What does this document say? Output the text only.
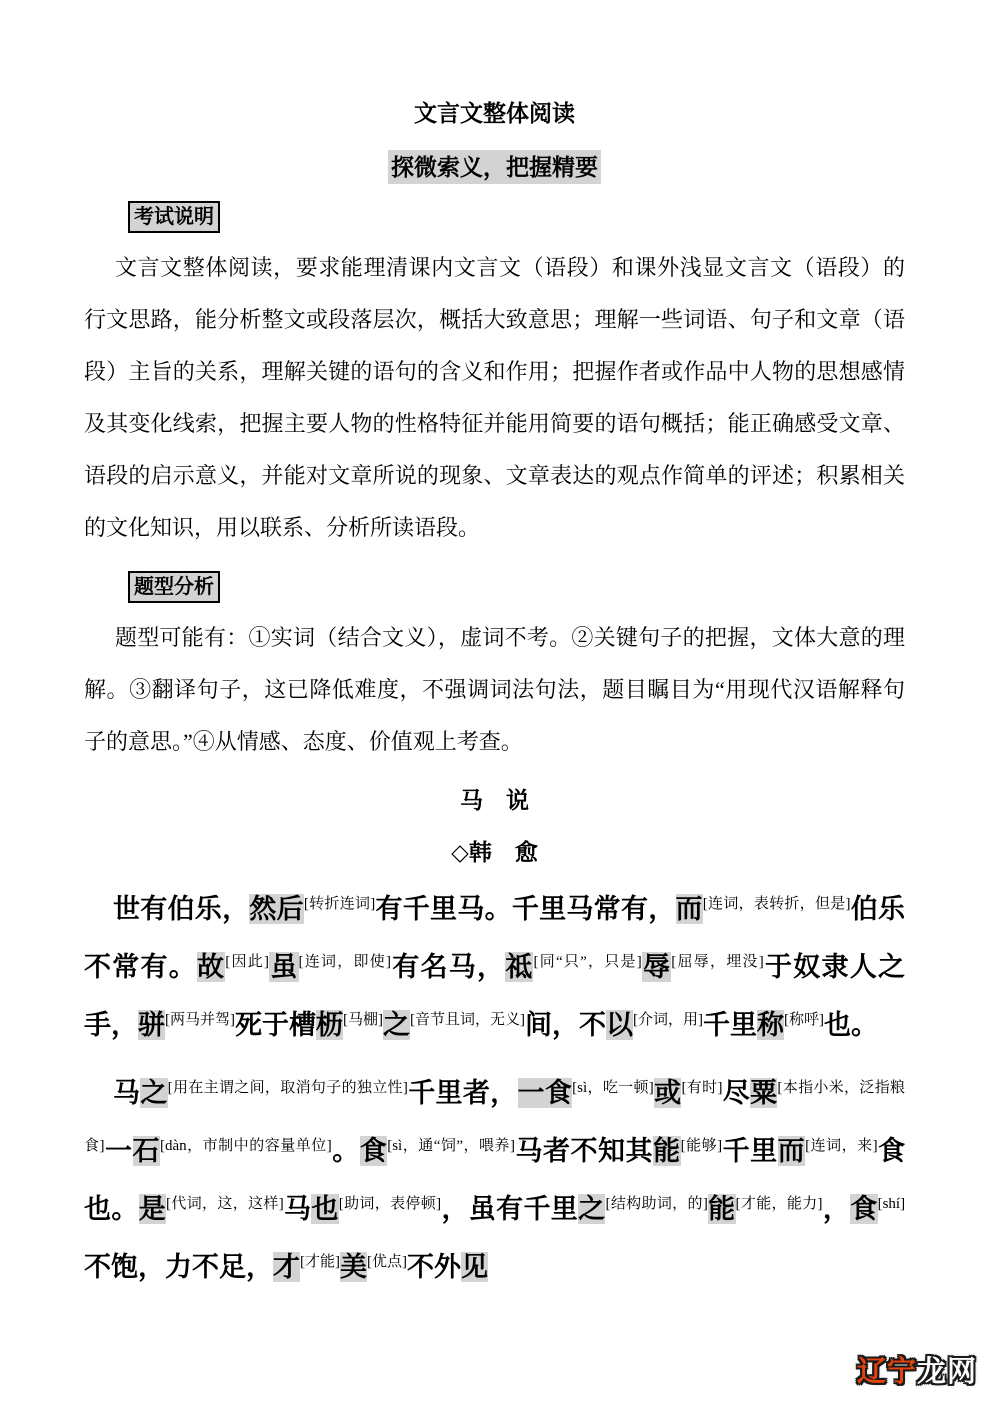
文言文整体阅读
探微索义，把握精要
考试说明

文言文整体阅读，要求能理清课内文言文（语段）和课外浅显文言文（语段）的行文思路，能分析整文或段落层次，概括大致意思；理解一些词语、句子和文章（语段）主旨的关系，理解关键的语句的含义和作用；把握作者或作品中人物的思想感情及其变化线索，把握主要人物的性格特征并能用简要的语句概括；能正确感受文章、语段的启示意义，并能对文章所说的现象、文章表达的观点作简单的评述；积累相关的文化知识，用以联系、分析所读语段。

题型分析

题型可能有：①实词（结合文义），虚词不考。②关键句子的把握，文体大意的理解。③翻译句子，这已降低难度，不强调词法句法，题目瞩目为“用现代汉语解释句子的意思。”④从情感、态度、价值观上考查。

马　说
◇韩　愈

世有伯乐，然后[转折连词]有千里马。千里马常有，而[连词，表转折，但是]伯乐不常有。故[因此]虽[连词，即使]有名马，祗[同“只”，只是]辱[屈辱，埋没]于奴隶人之手，骈[两马并驾]死于槽枥[马棚]之[音节且词，无义]间，不以[介词，用]千里称[称呼]也。

马之[用在主谓之间，取消句子的独立性]千里者，一食[sì，吃一顿]或[有时]尽粟[本指小米，泛指粮食]一石[dàn，市制中的容量单位]。食[sì，通“饲”，喂养]马者不知其能[能够]千里而[连词，来]食也。是[代词，这，这样]马也[助词，表停顿]，虽有千里之[结构助词，的]能[才能，能力]，食[shí]不饱，力不足，才[才能]美[优点]不外见

辽宁龙网
